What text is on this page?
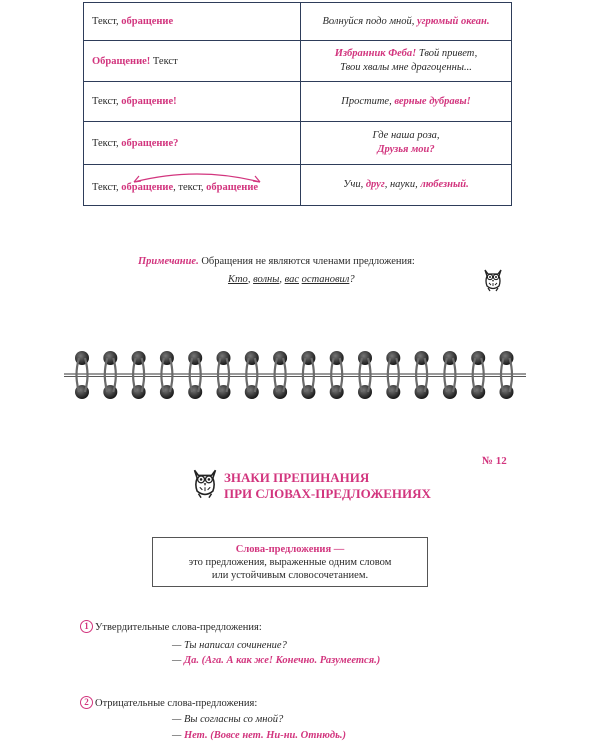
Текст, обращение	Волнуйся подо мной, угрюмый океан.
Обращение! Текст	Избранник Феба! Твой привет,
Твои хвалы мне драгоценны...
Текст, обращение!	Простите, верные дубравы!
Текст, обращение?	Где наша роза,
Друзья мои?

Текст, обращение, текст, обращение	Учи, друг, науки, любезный.
Примечание. Обращения не являются членами предложения:
Кто, волны, вас остановил?
ЗНАКИ ПРЕПИНАНИЯ
ПРИ СЛОВАХ-ПРЕДЛОЖЕНИЯХ
№ 12
Слова-предложения —
это предложения, выраженные одним словом
или устойчивым словосочетанием.
1 Утвердительные слова-предложения:
— Ты написал сочинение?
— Да. (Ага. А как же! Конечно. Разумеется.)
2 Отрицательные слова-предложения:
— Вы согласны со мной?
— Нет. (Вовсе нет. Ни-ни. Отнюдь.)
